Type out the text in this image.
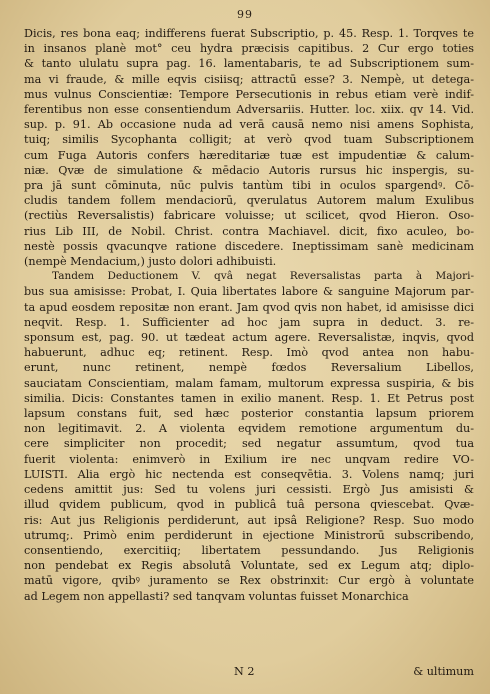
99
Dicis, res bona eaq; indifferens fuerat Subscriptio, p. 45. Resp. 1. Torqves te
in insanos planè mot° ceu hydra præcisis capitibus. 2 Cur ergo toties
& tanto ululatu supra pag. 16. lamentabaris, te ad Subscriptionem sum-
ma vi fraude, & mille eqvis cisiisq; attractū esse? 3. Nempè, ut detega-
mus vulnus Conscientiæ: Tempore Persecutionis in rebus etiam verè indif-
ferentibus non esse consentiendum Adversariis. Hutter. loc. xiix. qv 14. Vid.
sup. p. 91. Ab occasione nuda ad verā causā nemo nisi amens Sophista,
tuiq; similis Sycophanta colligit; at verò qvod tuam Subscriptionem
cum Fuga Autoris confers hæreditariæ tuæ est impudentiæ & calum-
niæ. Qvæ de simulatione & mēdacio Autoris rursus hic inspergis, su-
pra jā sunt cōminuta, nūc pulvis tantùm tibi in oculos spargendꝰ. Cō-
cludis tandem follem mendaciorū, qverulatus Autorem malum Exulibus
(rectiùs Reversalistis) fabricare voluisse; ut scilicet, qvod Hieron. Oso-
rius Lib III, de Nobil. Christ. contra Machiavel. dicit, fixo aculeo, bo-
nestè possis qvacunqve ratione discedere. Ineptissimam sanè medicinam
(nempè Mendacium,) justo dolori adhibuisti.
Tandem Deductionem V. qvâ negat Reversalistas parta à Majori-
bus sua amisisse: Probat, I. Quia libertates labore & sanguine Majorum par-
ta apud eosdem repositæ non erant. Jam qvod qvis non habet, id amisisse dici
neqvit. Resp. 1. Sufficienter ad hoc jam supra in deduct. 3. re-
sponsum est, pag. 90. ut tædeat actum agere. Reversalistæ, inqvis, qvod
habuerunt, adhuc eq; retinent. Resp. Imò qvod antea non habu-
erunt, nunc retinent, nempè fœdos Reversalium Libellos,
sauciatam Conscientiam, malam famam, multorum expressa suspiria, & bis
similia. Dicis: Constantes tamen in exilio manent. Resp. 1. Et Petrus post
lapsum constans fuit, sed hæc posterior constantia lapsum priorem
non legitimavit. 2. A violenta eqvidem remotione argumentum du-
cere simpliciter non procedit; sed negatur assumtum, qvod tua
fuerit violenta: enimverò in Exilium ire nec unqvam redire VO-
LUISTI. Alia ergò hic nectenda est conseqvētia. 3. Volens namq; juri
cedens amittit jus: Sed tu volens juri cessisti. Ergò Jus amisisti &
illud qvidem publicum, qvod in publicâ tuâ persona qviescebat. Qvæ-
ris: Aut jus Religionis perdiderunt, aut ipsâ Religione? Resp. Suo modo
utrumq;. Primò enim perdiderunt in ejectione Ministrorū subscribendo,
consentiendo, exercitiiq; libertatem pessundando. Jus Religionis
non pendebat ex Regis absolutâ Voluntate, sed ex Legum atq; diplo-
matū vigore, qvibꝰ juramento se Rex obstrinxit: Cur ergò à voluntate
ad Legem non appellasti? sed tanqvam voluntas fuisset Monarchica
N 2	& ultimum
